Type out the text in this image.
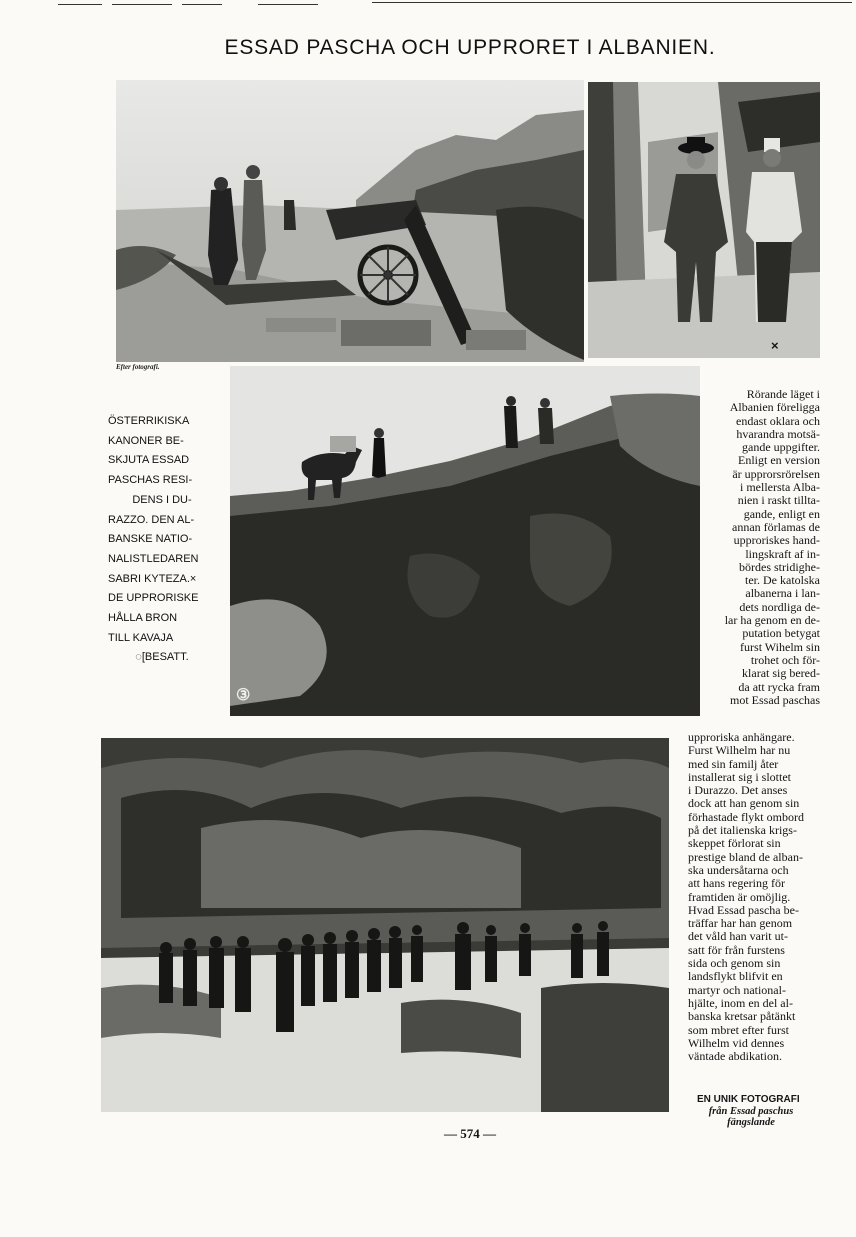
ESSAD PASCHA OCH UPPRORET I ALBANIEN.
Efter fotografi.
×
③
ÖSTERRIKISKA
KANONER BE-
SKJUTA ESSAD
PASCHAS RESI-
DENS I DU-
RAZZO. DEN AL-
BANSKE NATIO-
NALISTLEDAREN
SABRI KYTEZA.×
DE UPPRORISKE
HÅLLA BRON
TILL KAVAJA
◌[BESATT.
Rörande läget i
Albanien föreligga
endast oklara och
hvarandra motsä-
gande uppgifter.
Enligt en version
är upprorsrörelsen
i mellersta Alba-
nien i raskt tillta-
gande, enligt en
annan förlamas de
upproriskes hand-
lingskraft af in-
bördes stridighe-
ter. De katolska
albanerna i lan-
dets nordliga de-
lar ha genom en de-
putation betygat
furst Wihelm sin
trohet och för-
klarat sig bered-
da att rycka fram
mot Essad paschas
upproriska anhängare.
Furst Wilhelm har nu
med sin familj åter
installerat sig i slottet
i Durazzo. Det anses
dock att han genom sin
förhastade flykt ombord
på det italienska krigs-
skeppet förlorat sin
prestige bland de alban-
ska undersåtarna och
att hans regering för
framtiden är omöjlig.
Hvad Essad pascha be-
träffar har han genom
det våld han varit ut-
satt för från furstens
sida och genom sin
landsflykt blifvit en
martyr och national-
hjälte, inom en del al-
banska kretsar påtänkt
som mbret efter furst
Wilhelm vid dennes
väntade abdikation.
EN UNIK FOTOGRAFI
från Essad paschus
fängslande
— 574 —
